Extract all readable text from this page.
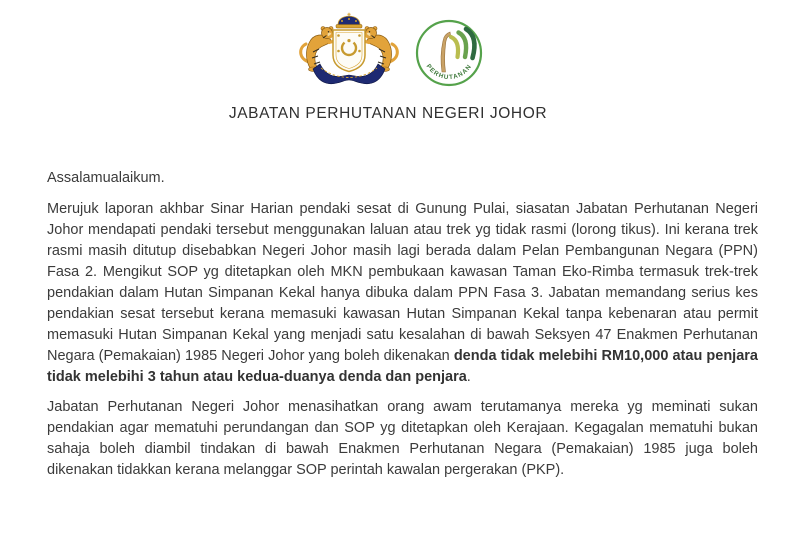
PERHUTANAN
JABATAN PERHUTANAN NEGERI JOHOR

Assalamualaikum.

Merujuk laporan akhbar Sinar Harian pendaki sesat di Gunung Pulai, siasatan Jabatan Perhutanan Negeri Johor mendapati pendaki tersebut menggunakan laluan atau trek yg tidak rasmi (lorong tikus). Ini kerana trek rasmi masih ditutup disebabkan Negeri Johor masih lagi berada dalam Pelan Pembangunan Negara (PPN) Fasa 2. Mengikut SOP yg ditetapkan oleh MKN pembukaan kawasan Taman Eko-Rimba termasuk trek-trek pendakian dalam Hutan Simpanan Kekal hanya dibuka dalam PPN Fasa 3. Jabatan memandang serius kes pendakian sesat tersebut kerana memasuki kawasan Hutan Simpanan Kekal tanpa kebenaran atau permit memasuki Hutan Simpanan Kekal yang menjadi satu kesalahan di bawah Seksyen 47 Enakmen Perhutanan Negara (Pemakaian) 1985 Negeri Johor yang boleh dikenakan denda tidak melebihi RM10,000 atau penjara tidak melebihi 3 tahun atau kedua-duanya denda dan penjara.

Jabatan Perhutanan Negeri Johor menasihatkan orang awam terutamanya mereka yg meminati sukan pendakian agar mematuhi perundangan dan SOP yg ditetapkan oleh Kerajaan. Kegagalan mematuhi bukan sahaja boleh diambil tindakan di bawah Enakmen Perhutanan Negara (Pemakaian) 1985 juga boleh dikenakan tidakkan kerana melanggar SOP perintah kawalan pergerakan (PKP).
